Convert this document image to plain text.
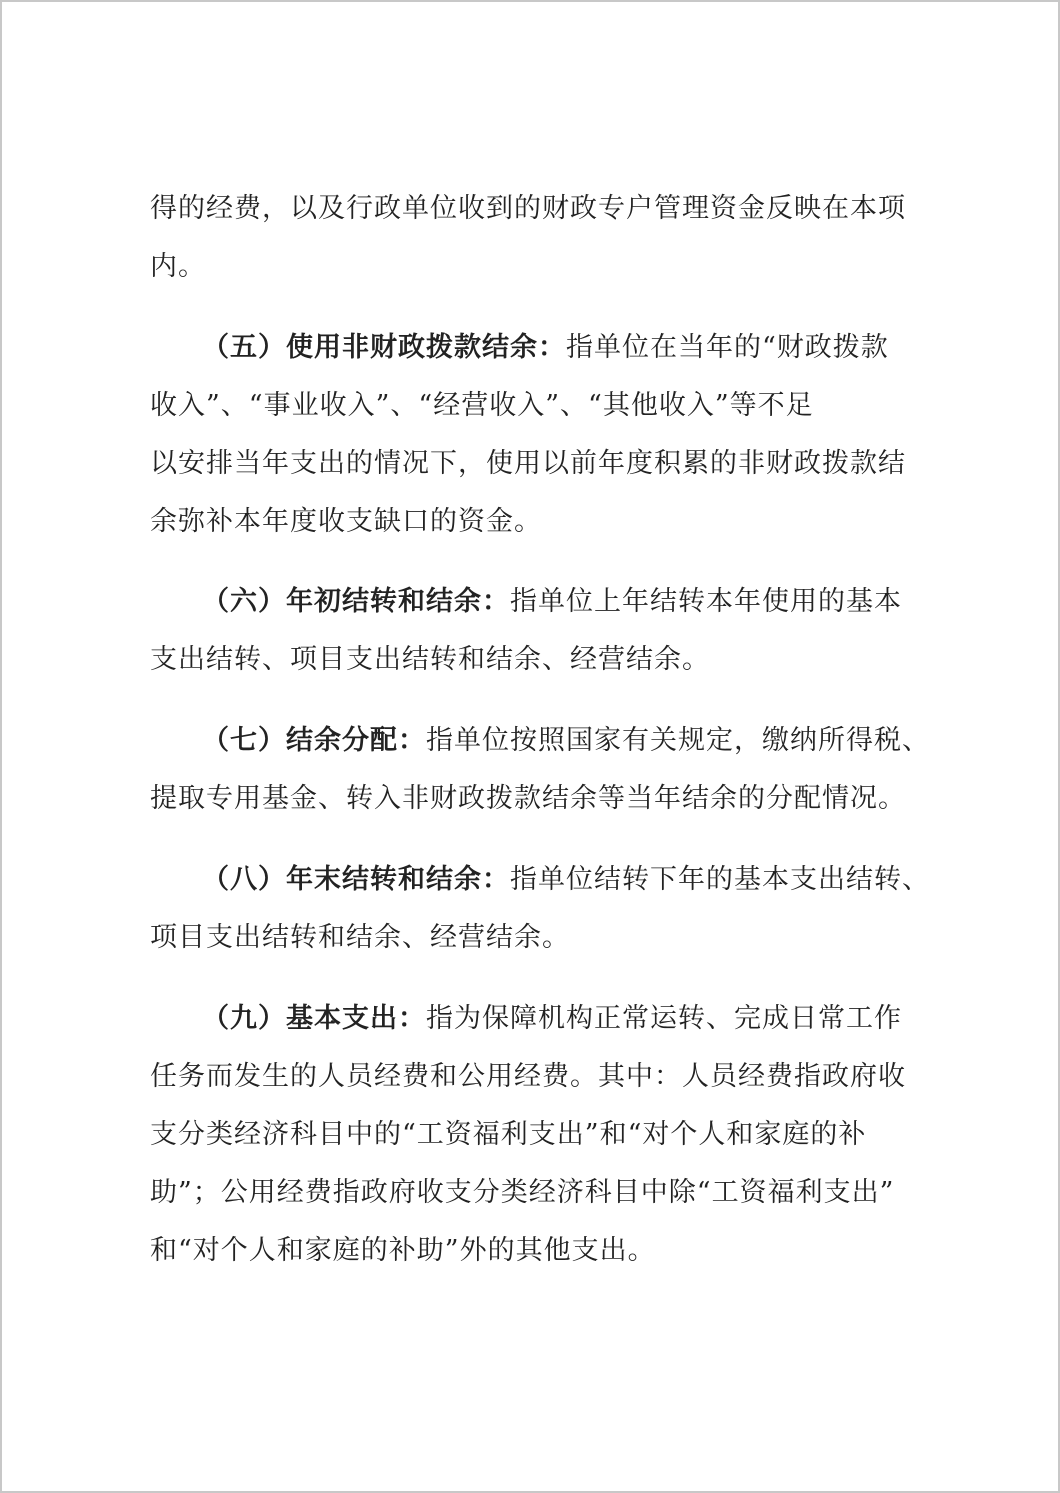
得的经费，以及行政单位收到的财政专户管理资金反映在本项
内。
（五）使用非财政拨款结余：指单位在当年的“财政拨款
收入”、“事业收入”、“经营收入”、“其他收入”等不足
以安排当年支出的情况下，使用以前年度积累的非财政拨款结
余弥补本年度收支缺口的资金。
（六）年初结转和结余：指单位上年结转本年使用的基本
支出结转、项目支出结转和结余、经营结余。
（七）结余分配：指单位按照国家有关规定，缴纳所得税、
提取专用基金、转入非财政拨款结余等当年结余的分配情况。
（八）年末结转和结余：指单位结转下年的基本支出结转、
项目支出结转和结余、经营结余。
（九）基本支出：指为保障机构正常运转、完成日常工作
任务而发生的人员经费和公用经费。其中：人员经费指政府收
支分类经济科目中的“工资福利支出”和“对个人和家庭的补
助”；公用经费指政府收支分类经济科目中除“工资福利支出”
和“对个人和家庭的补助”外的其他支出。
